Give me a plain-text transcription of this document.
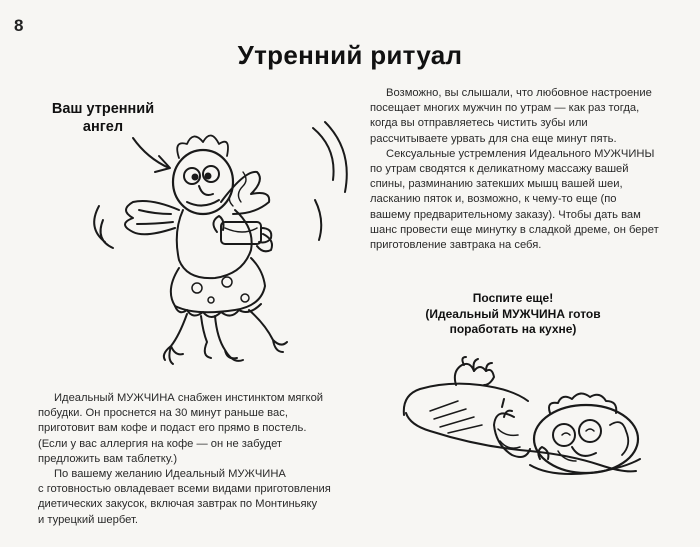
8
Утренний ритуал
Ваш утренний
ангел

Возможно, вы слышали, что любовное настроение
посещает многих мужчин по утрам — как раз тогда,
когда вы отправляетесь чистить зубы или
рассчитываете урвать для сна еще минут пять.

Сексуальные устремления Идеального МУЖЧИНЫ
по утрам сводятся к деликатному массажу вашей
спины, разминанию затекших мышц вашей шеи,
ласканию пяток и, возможно, к чему-то еще (по
вашему предварительному заказу). Чтобы дать вам
шанс провести еще минутку в сладкой дреме, он берет
приготовление завтрака на себя.

Поспите еще!
(Идеальный МУЖЧИНА готов
поработать на кухне)

Идеальный МУЖЧИНА снабжен инстинктом мягкой
побудки. Он проснется на 30 минут раньше вас,
приготовит вам кофе и подаст его прямо в постель.
(Если у вас аллергия на кофе — он не забудет
предложить вам таблетку.)

По вашему желанию Идеальный МУЖЧИНА
с готовностью овладевает всеми видами приготовления
диетических закусок, включая завтрак по Монтиньяку
и турецкий шербет.
